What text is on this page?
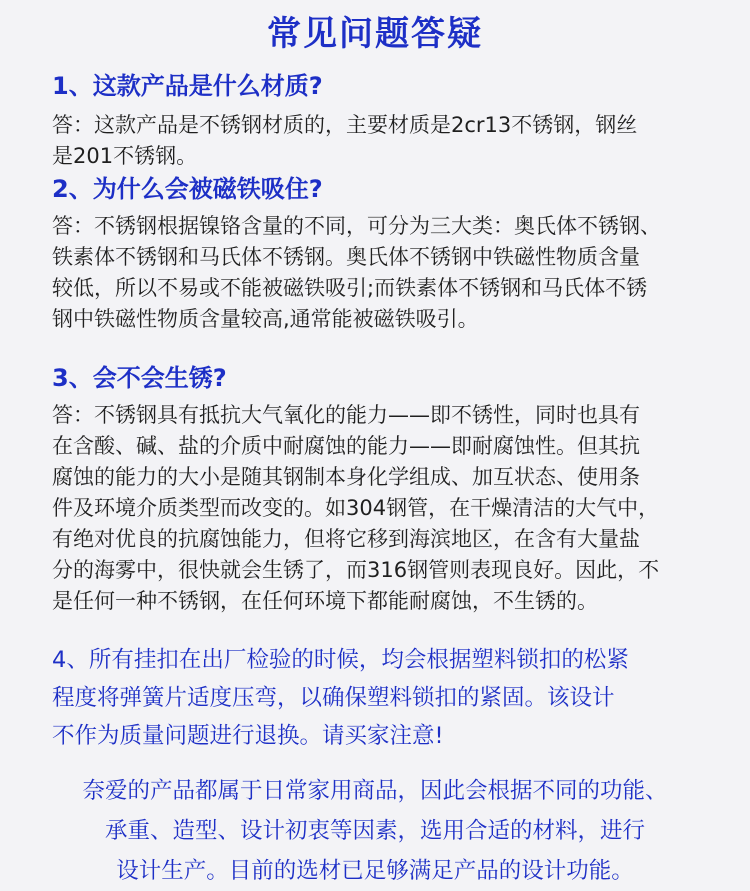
常见问题答疑
1、这款产品是什么材质?
答：这款产品是不锈钢材质的，主要材质是2cr13不锈钢，钢丝
是201不锈钢。
2、为什么会被磁铁吸住?
答：不锈钢根据镍铬含量的不同，可分为三大类：奥氏体不锈钢、
铁素体不锈钢和马氏体不锈钢。奥氏体不锈钢中铁磁性物质含量
较低，所以不易或不能被磁铁吸引;而铁素体不锈钢和马氏体不锈
钢中铁磁性物质含量较高,通常能被磁铁吸引。
3、会不会生锈?
答：不锈钢具有抵抗大气氧化的能力——即不锈性，同时也具有
在含酸、碱、盐的介质中耐腐蚀的能力——即耐腐蚀性。但其抗
腐蚀的能力的大小是随其钢制本身化学组成、加互状态、使用条
件及环境介质类型而改变的。如304钢管，在干燥清洁的大气中，
有绝对优良的抗腐蚀能力，但将它移到海滨地区，在含有大量盐
分的海雾中，很快就会生锈了，而316钢管则表现良好。因此，不
是任何一种不锈钢，在任何环境下都能耐腐蚀，不生锈的。
4、所有挂扣在出厂检验的时候，均会根据塑料锁扣的松紧
程度将弹簧片适度压弯，以确保塑料锁扣的紧固。该设计
不作为质量问题进行退换。请买家注意!
奈爱的产品都属于日常家用商品，因此会根据不同的功能、
承重、造型、设计初衷等因素，选用合适的材料，进行
设计生产。目前的选材已足够满足产品的设计功能。
